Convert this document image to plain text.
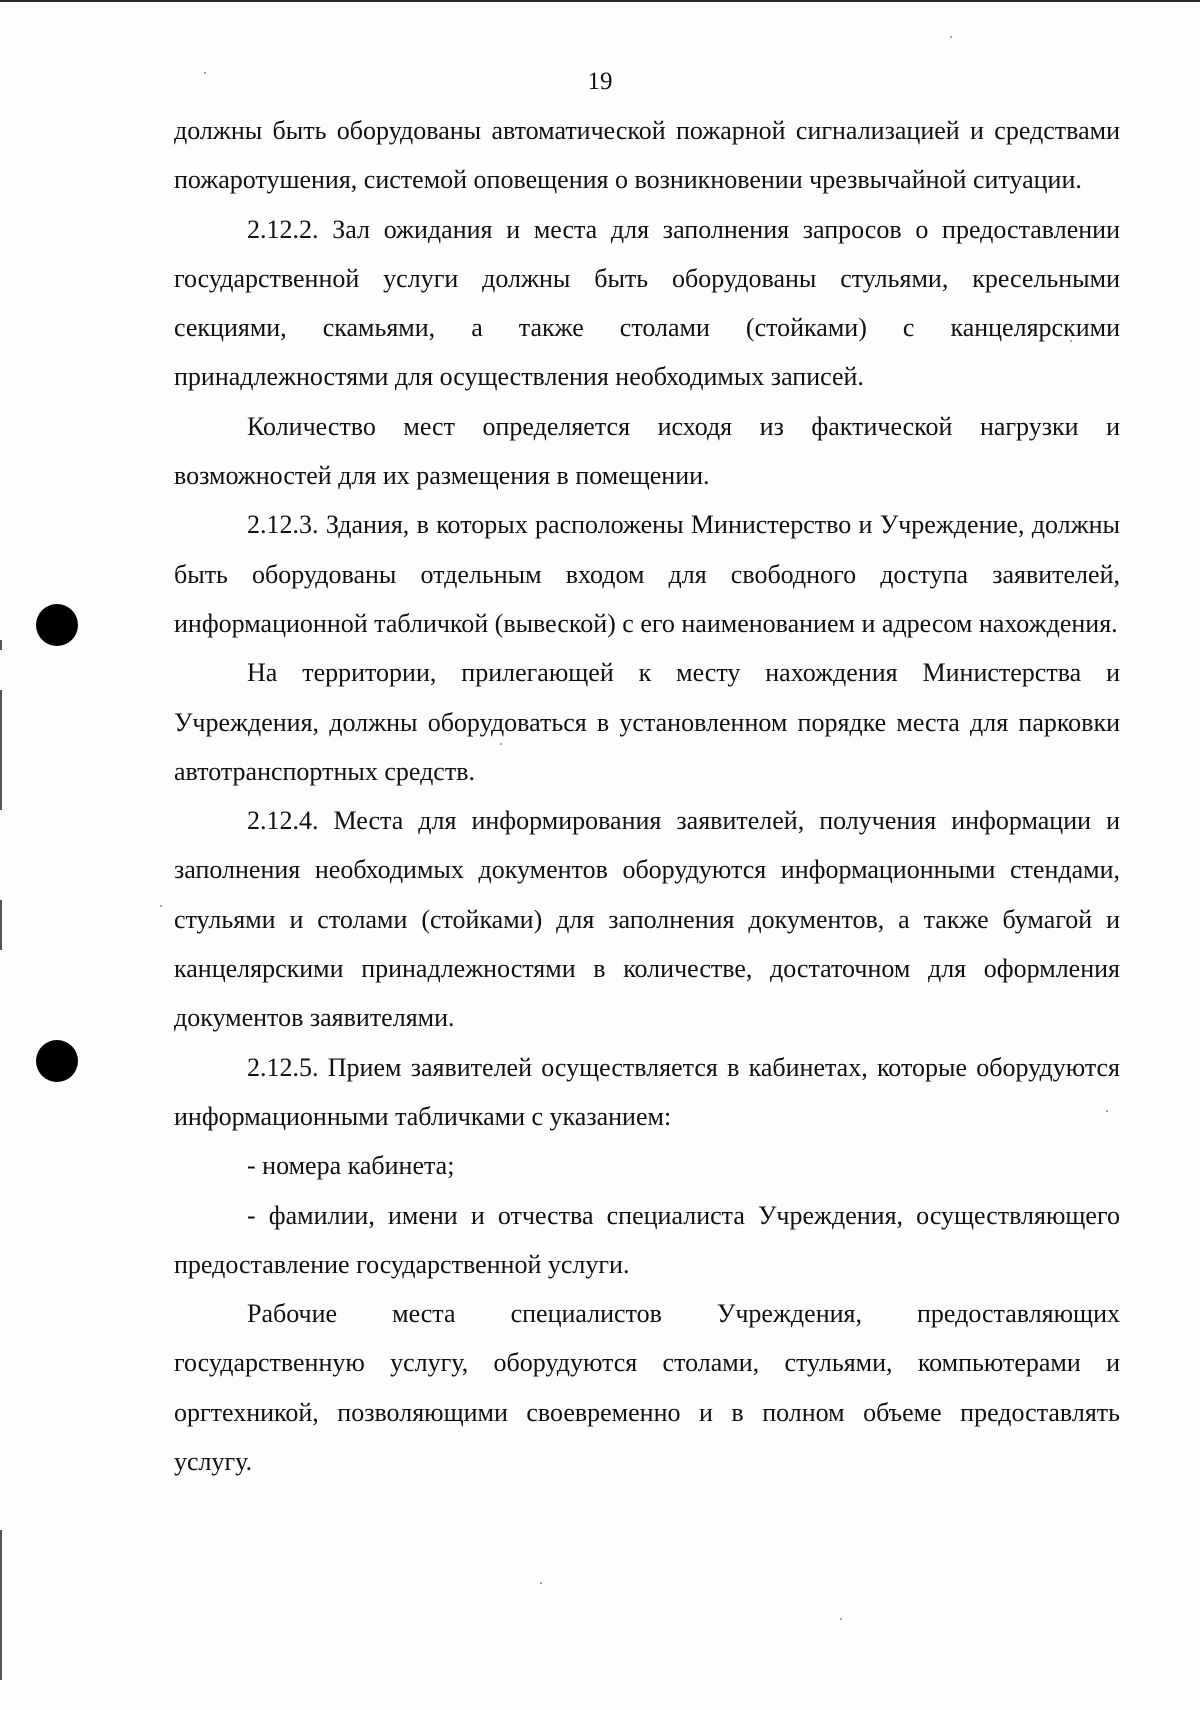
19

должны быть оборудованы автоматической пожарной сигнализацией и средствами пожаротушения, системой оповещения о возникновении чрезвычайной ситуации.

2.12.2. Зал ожидания и места для заполнения запросов о предоставлении государственной услуги должны быть оборудованы стульями, кресельными секциями, скамьями, а также столами (стойками) с канцелярскими принадлежностями для осуществления необходимых записей.

Количество мест определяется исходя из фактической нагрузки и возможностей для их размещения в помещении.

2.12.3. Здания, в которых расположены Министерство и Учреждение, должны быть оборудованы отдельным входом для свободного доступа заявителей, информационной табличкой (вывеской) с его наименованием и адресом нахождения.

На территории, прилегающей к месту нахождения Министерства и Учреждения, должны оборудоваться в установленном порядке места для парковки автотранспортных средств.

2.12.4. Места для информирования заявителей, получения информации и заполнения необходимых документов оборудуются информационными стендами, стульями и столами (стойками) для заполнения документов, а также бумагой и канцелярскими принадлежностями в количестве, достаточном для оформления документов заявителями.

2.12.5. Прием заявителей осуществляется в кабинетах, которые оборудуются информационными табличками с указанием:

- номера кабинета;

- фамилии, имени и отчества специалиста Учреждения, осуществляющего предоставление государственной услуги.

Рабочие места специалистов Учреждения, предоставляющих государственную услугу, оборудуются столами, стульями, компьютерами и оргтехникой, позволяющими своевременно и в полном объеме предоставлять услугу.
